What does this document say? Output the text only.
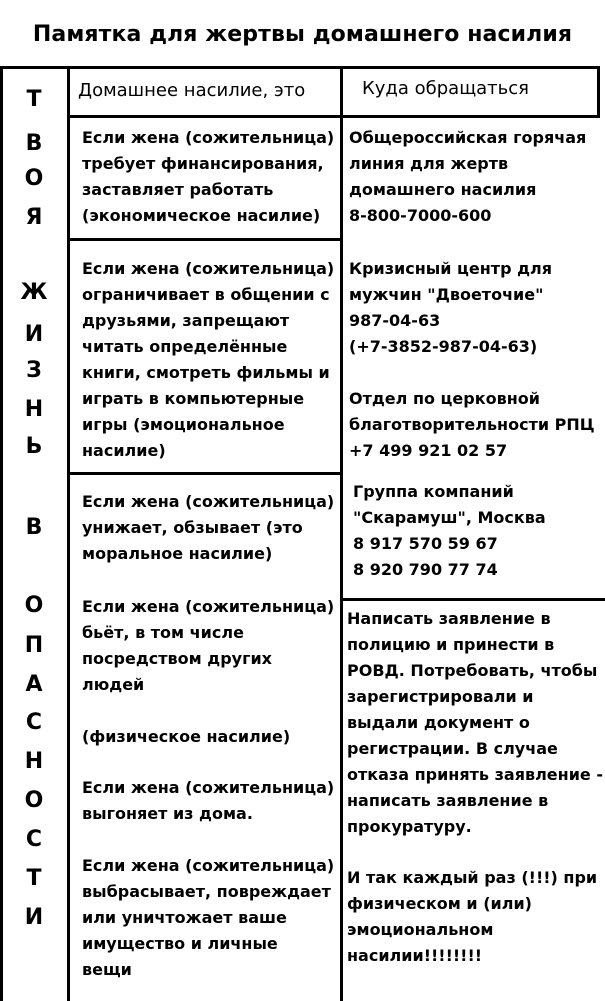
Памятка для жертвы домашнего насилия
Т
В
О
Я
Ж
И
З
Н
Ь
В
О
П
А
С
Н
О
С
Т
И
Домашнее насилие, это	Куда обращаться

Если жена (сожительница)

требует финансирования,

заставляет работать

(экономическое насилие)

Если жена (сожительница)

ограничивает в общении с

друзьями, запрещают

читать определённые

книги, смотреть фильмы и

играть в компьютерные

игры (эмоциональное

насилие)

Если жена (сожительница)

унижает, обзывает (это

моральное насилие)

Если жена (сожительница)

бьёт, в том числе

посредством других

людей

(физическое насилие)

Если жена (сожительница)

выгоняет из дома.

Если жена (сожительница)

выбрасывает, повреждает

или уничтожает ваше

имущество и личные

вещи

Общероссийская горячая

линия для жертв

домашнего насилия

8-800-7000-600

Кризисный центр для

мужчин "Двоеточие"

987-04-63

(+7-3852-987-04-63)

Отдел по церковной

благотворительности РПЦ

+7 499 921 02 57

Группа компаний

"Скарамуш", Москва

8 917 570 59 67

8 920 790 77 74

Написать заявление в

полицию и принести в

РОВД. Потребовать, чтобы

зарегистрировали и

выдали документ о

регистрации. В случае

отказа принять заявление -

написать заявление в

прокуратуру.

И так каждый раз (!!!) при

физическом и (или)

эмоциональном

насилии!!!!!!!!
